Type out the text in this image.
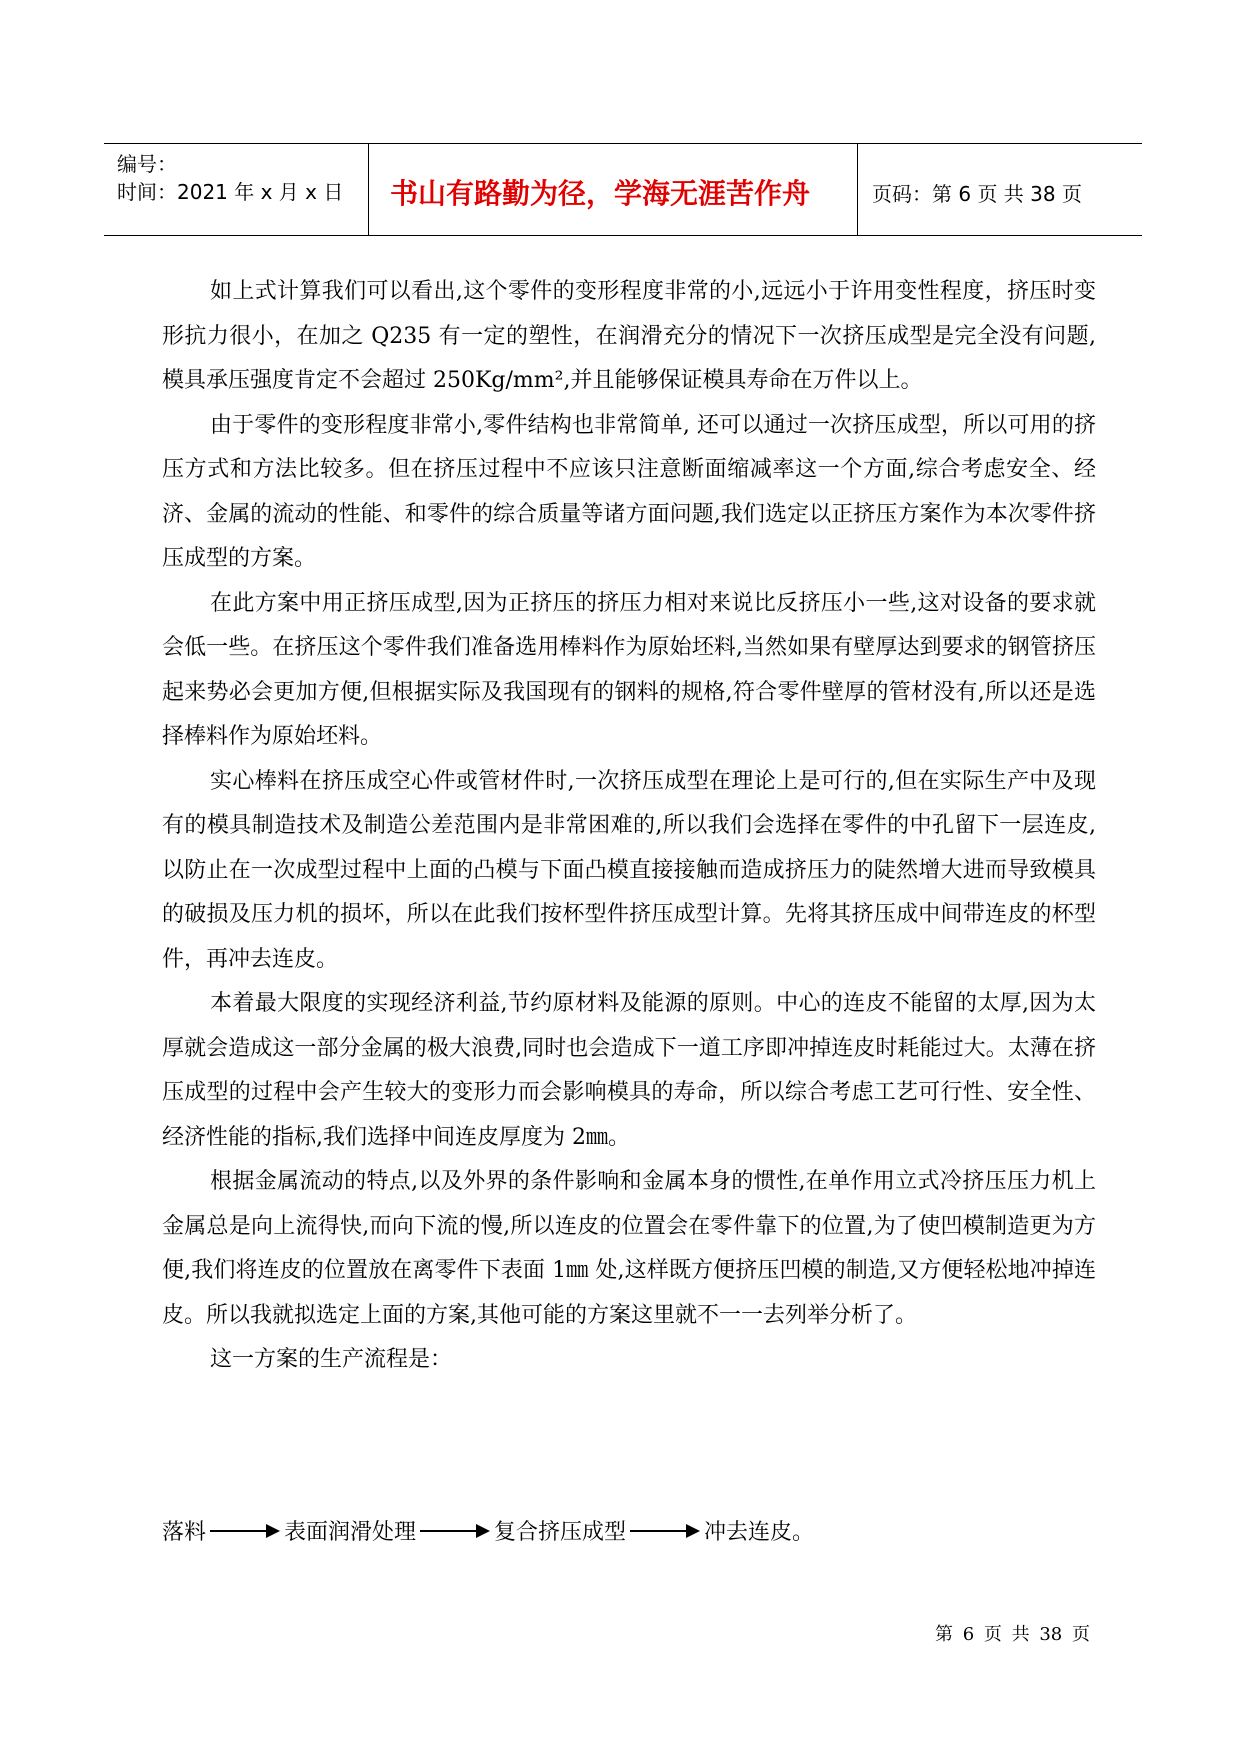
编号：
时间：2021 年 x 月 x 日 书山有路勤为径，学海无涯苦作舟	页码：第 6 页 共 38 页

如上式计算我们可以看出,这个零件的变形程度非常的小,远远小于许用变性程度，挤压时变形抗力很小，在加之 Q235 有一定的塑性，在润滑充分的情况下一次挤压成型是完全没有问题,模具承压强度肯定不会超过 250Kg/mm²,并且能够保证模具寿命在万件以上。

由于零件的变形程度非常小,零件结构也非常简单, 还可以通过一次挤压成型，所以可用的挤压方式和方法比较多。但在挤压过程中不应该只注意断面缩减率这一个方面,综合考虑安全、经济、金属的流动的性能、和零件的综合质量等诸方面问题,我们选定以正挤压方案作为本次零件挤压成型的方案。

在此方案中用正挤压成型,因为正挤压的挤压力相对来说比反挤压小一些,这对设备的要求就会低一些。在挤压这个零件我们准备选用棒料作为原始坯料,当然如果有壁厚达到要求的钢管挤压起来势必会更加方便,但根据实际及我国现有的钢料的规格,符合零件壁厚的管材没有,所以还是选择棒料作为原始坯料。

实心棒料在挤压成空心件或管材件时,一次挤压成型在理论上是可行的,但在实际生产中及现有的模具制造技术及制造公差范围内是非常困难的,所以我们会选择在零件的中孔留下一层连皮,以防止在一次成型过程中上面的凸模与下面凸模直接接触而造成挤压力的陡然增大进而导致模具的破损及压力机的损坏，所以在此我们按杯型件挤压成型计算。先将其挤压成中间带连皮的杯型件，再冲去连皮。

本着最大限度的实现经济利益,节约原材料及能源的原则。中心的连皮不能留的太厚,因为太厚就会造成这一部分金属的极大浪费,同时也会造成下一道工序即冲掉连皮时耗能过大。太薄在挤压成型的过程中会产生较大的变形力而会影响模具的寿命，所以综合考虑工艺可行性、安全性、经济性能的指标,我们选择中间连皮厚度为 2㎜。

根据金属流动的特点,以及外界的条件影响和金属本身的惯性,在单作用立式冷挤压压力机上金属总是向上流得快,而向下流的慢,所以连皮的位置会在零件靠下的位置,为了使凹模制造更为方便,我们将连皮的位置放在离零件下表面 1㎜ 处,这样既方便挤压凹模的制造,又方便轻松地冲掉连皮。所以我就拟选定上面的方案,其他可能的方案这里就不一一去列举分析了。

这一方案的生产流程是：

落料	表面润滑处理	复合挤压成型	冲去连皮。
第 6 页 共 38 页
